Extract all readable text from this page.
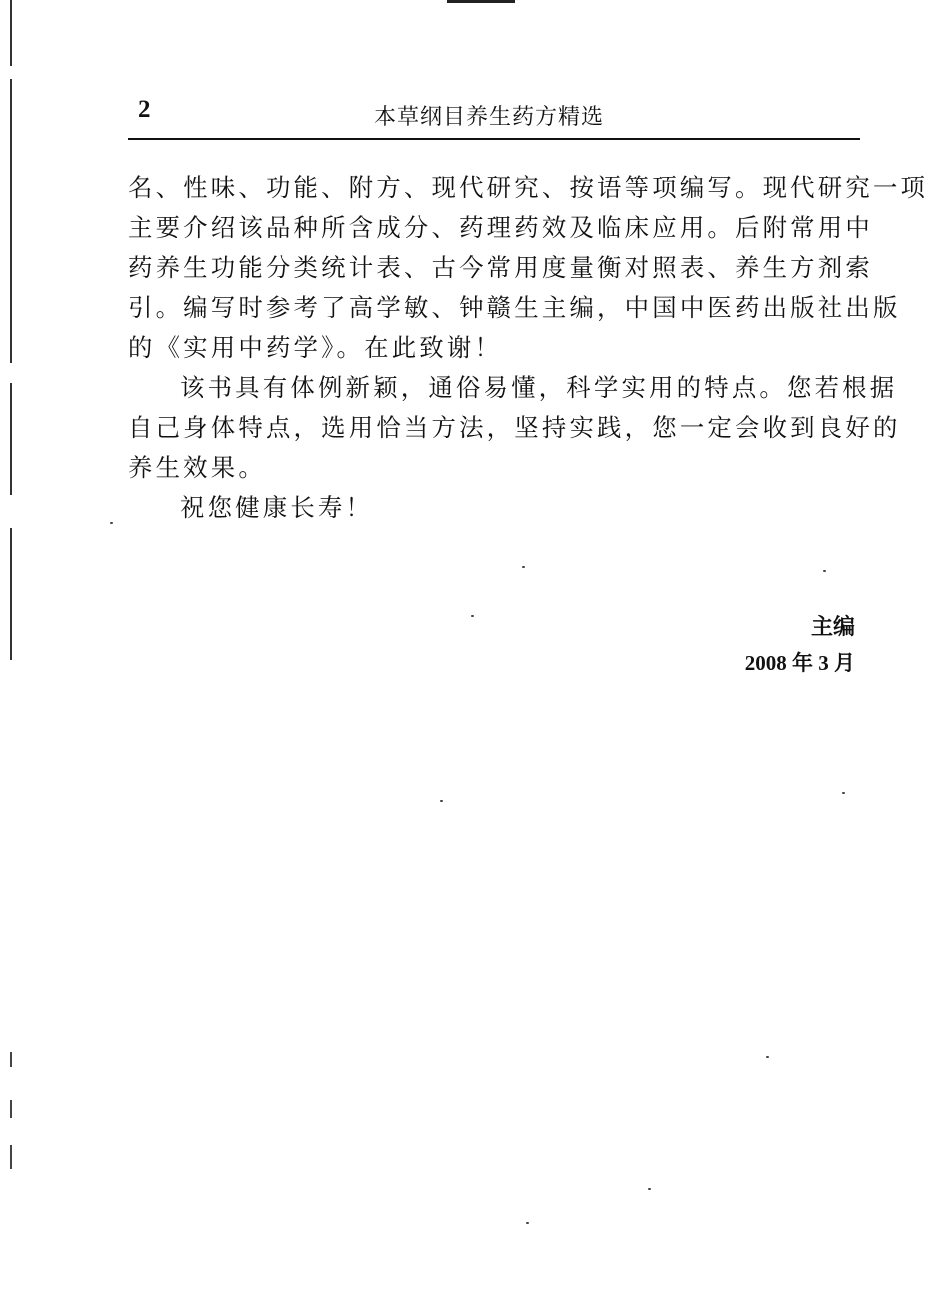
2	本草纲目养生药方精选
名、性味、功能、附方、现代研究、按语等项编写。现代研究一项
主要介绍该品种所含成分、药理药效及临床应用。后附常用中
药养生功能分类统计表、古今常用度量衡对照表、养生方剂索
引。编写时参考了高学敏、钟赣生主编，中国中医药出版社出版
的《实用中药学》。在此致谢！
该书具有体例新颖，通俗易懂，科学实用的特点。您若根据
自己身体特点，选用恰当方法，坚持实践，您一定会收到良好的
养生效果。
祝您健康长寿！
主编
2008 年 3 月
